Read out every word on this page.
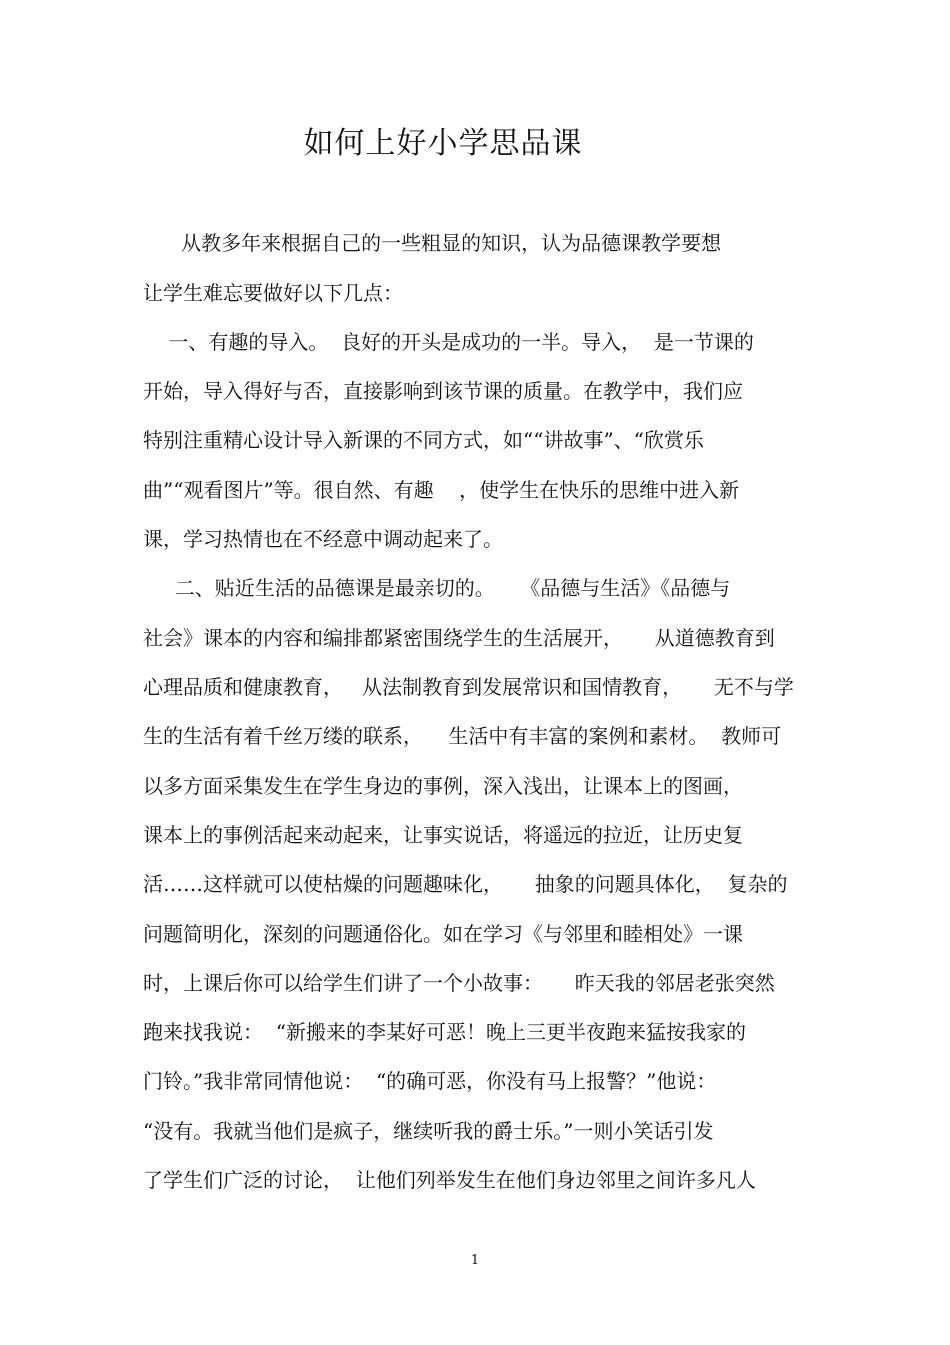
如何上好小学思品课
从教多年来根据自己的一些粗显的知识，认为品德课教学要想
让学生难忘要做好以下几点：
一、有趣的导入。  良好的开头是成功的一半。导入，  是一节课的
开始，导入得好与否，直接影响到该节课的质量。在教学中，我们应
特别注重精心设计导入新课的不同方式，如““讲故事”、“欣赏乐
曲”“观看图片”等。很自然、有趣    ，使学生在快乐的思维中进入新
课，学习热情也在不经意中调动起来了。
二、贴近生活的品德课是最亲切的。    《品德与生活》《品德与
社会》课本的内容和编排都紧密围绕学生的生活展开，     从道德教育到
心理品质和健康教育，   从法制教育到发展常识和国情教育，     无不与学
生的生活有着千丝万缕的联系，    生活中有丰富的案例和素材。  教师可
以多方面采集发生在学生身边的事例，深入浅出，让课本上的图画，
课本上的事例活起来动起来，让事实说话，将遥远的拉近，让历史复
活……这样就可以使枯燥的问题趣味化，     抽象的问题具体化，  复杂的
问题简明化，深刻的问题通俗化。如在学习《与邻里和睦相处》一课
时，上课后你可以给学生们讲了一个小故事：     昨天我的邻居老张突然
跑来找我说：  “新搬来的李某好可恶！晚上三更半夜跑来猛按我家的
门铃。”我非常同情他说：  “的确可恶，你没有马上报警？”他说：
“没有。我就当他们是疯子，继续听我的爵士乐。”一则小笑话引发
了学生们广泛的讨论，  让他们列举发生在他们身边邻里之间许多凡人
1
